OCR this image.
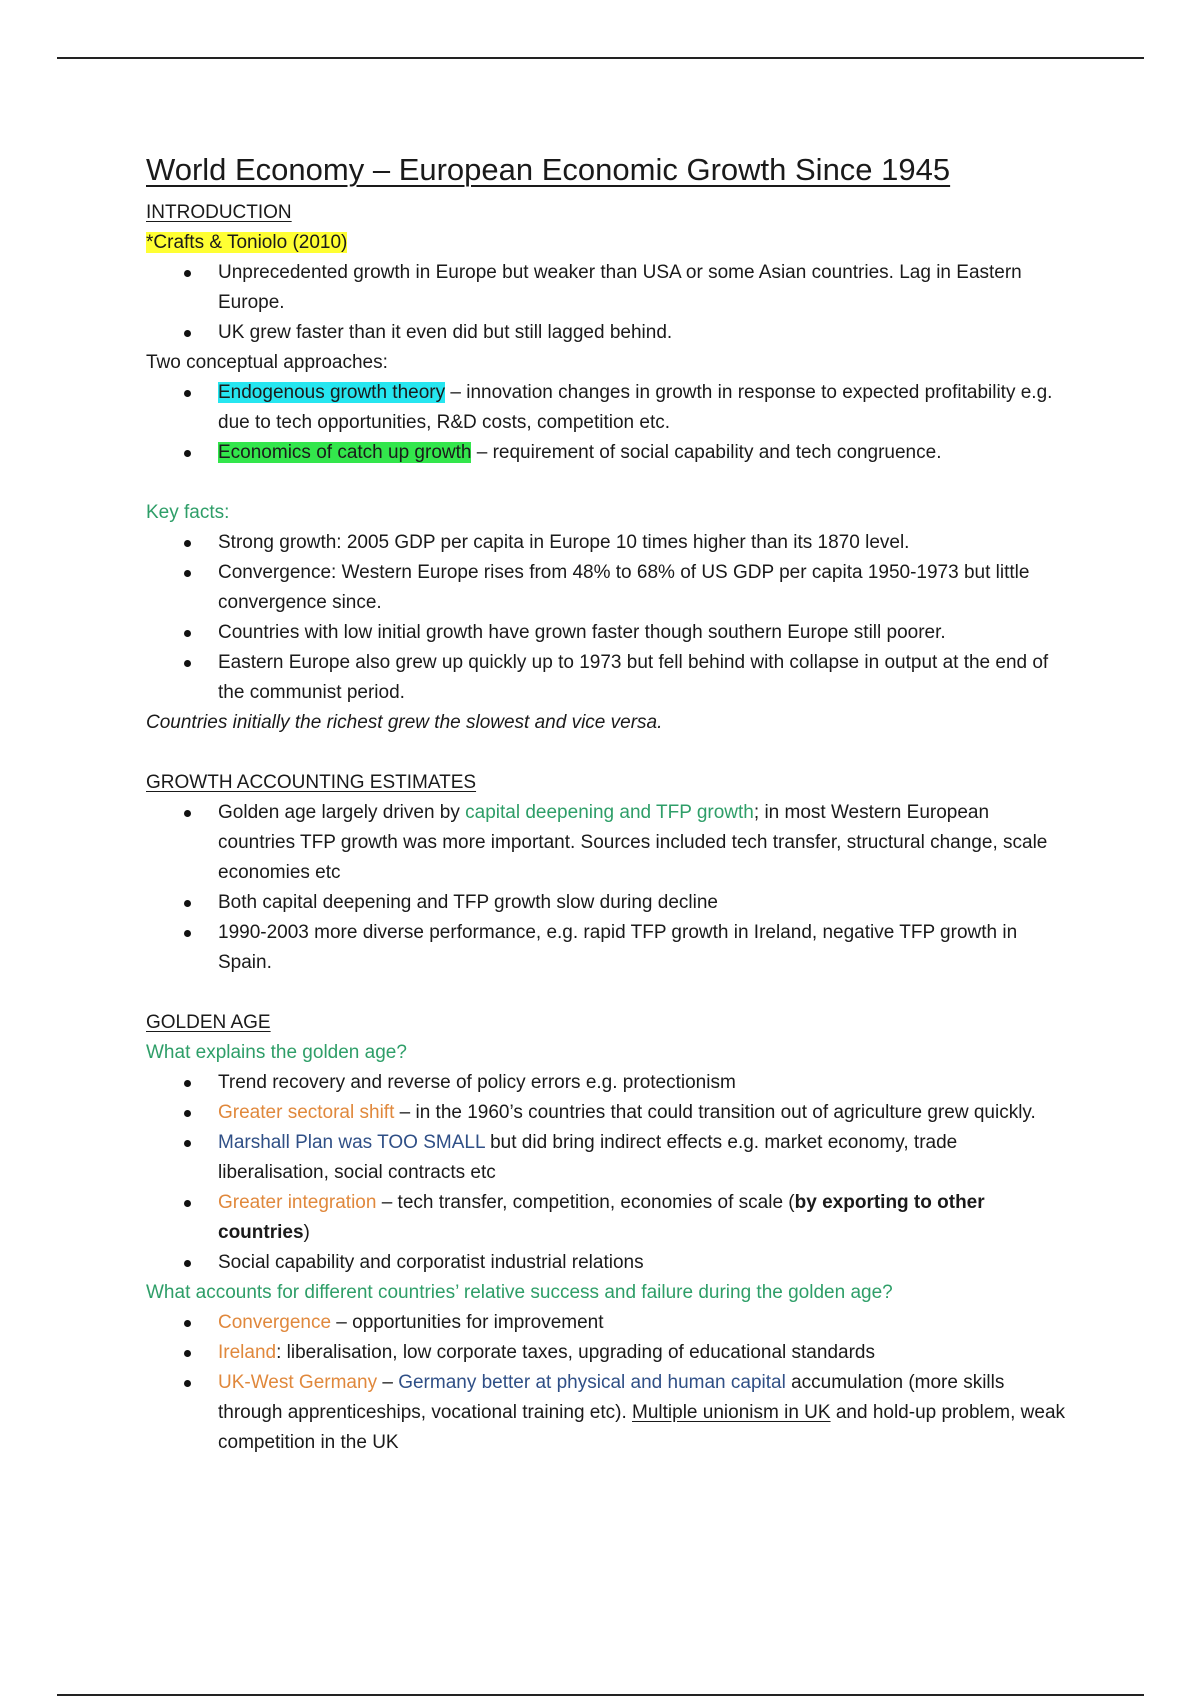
World Economy – European Economic Growth Since 1945
INTRODUCTION
*Crafts & Toniolo (2010)
Unprecedented growth in Europe but weaker than USA or some Asian countries. Lag in Eastern Europe.
UK grew faster than it even did but still lagged behind.
Two conceptual approaches:
Endogenous growth theory – innovation changes in growth in response to expected profitability e.g. due to tech opportunities, R&D costs, competition etc.
Economics of catch up growth – requirement of social capability and tech congruence.
Key facts:
Strong growth: 2005 GDP per capita in Europe 10 times higher than its 1870 level.
Convergence: Western Europe rises from 48% to 68% of US GDP per capita 1950-1973 but little convergence since.
Countries with low initial growth have grown faster though southern Europe still poorer.
Eastern Europe also grew up quickly up to 1973 but fell behind with collapse in output at the end of the communist period.
Countries initially the richest grew the slowest and vice versa.
GROWTH ACCOUNTING ESTIMATES
Golden age largely driven by capital deepening and TFP growth; in most Western European countries TFP growth was more important. Sources included tech transfer, structural change, scale economies etc
Both capital deepening and TFP growth slow during decline
1990-2003 more diverse performance, e.g. rapid TFP growth in Ireland, negative TFP growth in Spain.
GOLDEN AGE
What explains the golden age?
Trend recovery and reverse of policy errors e.g. protectionism
Greater sectoral shift – in the 1960’s countries that could transition out of agriculture grew quickly.
Marshall Plan was TOO SMALL but did bring indirect effects e.g. market economy, trade liberalisation, social contracts etc
Greater integration – tech transfer, competition, economies of scale (by exporting to other countries)
Social capability and corporatist industrial relations
What accounts for different countries’ relative success and failure during the golden age?
Convergence – opportunities for improvement
Ireland: liberalisation, low corporate taxes, upgrading of educational standards
UK-West Germany – Germany better at physical and human capital accumulation (more skills through apprenticeships, vocational training etc). Multiple unionism in UK and hold-up problem, weak competition in the UK
